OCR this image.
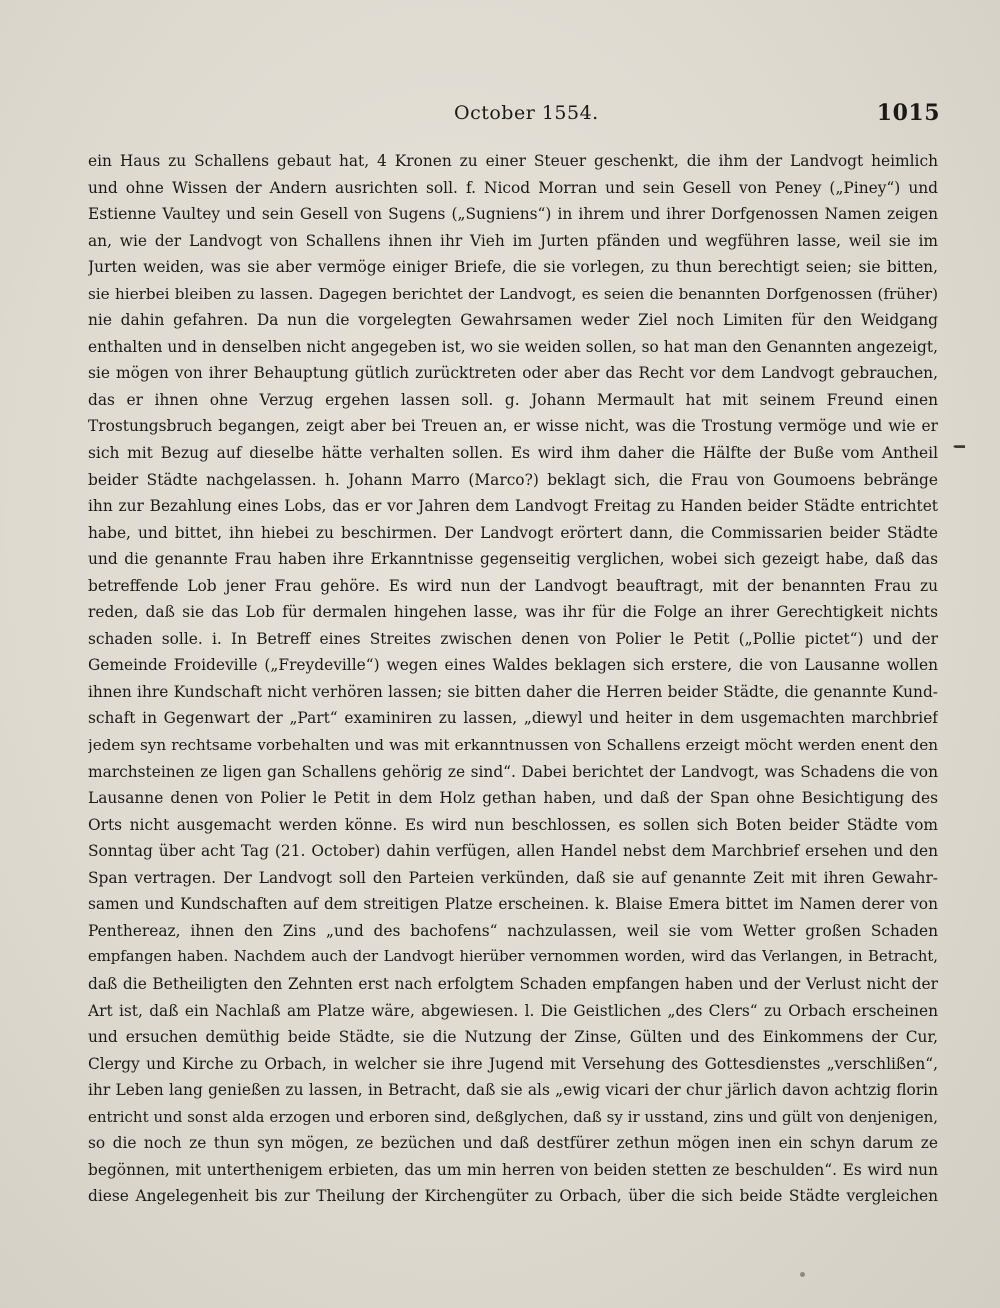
October 1554.	1015
ein Haus zu Schallens gebaut hat, 4 Kronen zu einer Steuer geschenkt, die ihm der Landvogt heimlich
und ohne Wissen der Andern ausrichten soll. f. Nicod Morran und sein Gesell von Peney („Piney“) und
Estienne Vaultey und sein Gesell von Sugens („Sugniens“) in ihrem und ihrer Dorfgenossen Namen zeigen
an, wie der Landvogt von Schallens ihnen ihr Vieh im Jurten pfänden und wegführen lasse, weil sie im
Jurten weiden, was sie aber vermöge einiger Briefe, die sie vorlegen, zu thun berechtigt seien; sie bitten,
sie hierbei bleiben zu lassen. Dagegen berichtet der Landvogt, es seien die benannten Dorfgenossen (früher)
nie dahin gefahren. Da nun die vorgelegten Gewahrsamen weder Ziel noch Limiten für den Weidgang
enthalten und in denselben nicht angegeben ist, wo sie weiden sollen, so hat man den Genannten angezeigt,
sie mögen von ihrer Behauptung gütlich zurücktreten oder aber das Recht vor dem Landvogt gebrauchen,
das er ihnen ohne Verzug ergehen lassen soll. g. Johann Mermault hat mit seinem Freund einen
Trostungsbruch begangen, zeigt aber bei Treuen an, er wisse nicht, was die Trostung vermöge und wie er
sich mit Bezug auf dieselbe hätte verhalten sollen. Es wird ihm daher die Hälfte der Buße vom Antheil
beider Städte nachgelassen. h. Johann Marro (Marco?) beklagt sich, die Frau von Goumoens bebränge
ihn zur Bezahlung eines Lobs, das er vor Jahren dem Landvogt Freitag zu Handen beider Städte entrichtet
habe, und bittet, ihn hiebei zu beschirmen. Der Landvogt erörtert dann, die Commissarien beider Städte
und die genannte Frau haben ihre Erkanntnisse gegenseitig verglichen, wobei sich gezeigt habe, daß das
betreffende Lob jener Frau gehöre. Es wird nun der Landvogt beauftragt, mit der benannten Frau zu
reden, daß sie das Lob für dermalen hingehen lasse, was ihr für die Folge an ihrer Gerechtigkeit nichts
schaden solle. i. In Betreff eines Streites zwischen denen von Polier le Petit („Pollie pictet“) und der
Gemeinde Froideville („Freydeville“) wegen eines Waldes beklagen sich erstere, die von Lausanne wollen
ihnen ihre Kundschaft nicht verhören lassen; sie bitten daher die Herren beider Städte, die genannte Kund-
schaft in Gegenwart der „Part“ examiniren zu lassen, „diewyl und heiter in dem usgemachten marchbrief
jedem syn rechtsame vorbehalten und was mit erkanntnussen von Schallens erzeigt möcht werden enent den
marchsteinen ze ligen gan Schallens gehörig ze sind“. Dabei berichtet der Landvogt, was Schadens die von
Lausanne denen von Polier le Petit in dem Holz gethan haben, und daß der Span ohne Besichtigung des
Orts nicht ausgemacht werden könne. Es wird nun beschlossen, es sollen sich Boten beider Städte vom
Sonntag über acht Tag (21. October) dahin verfügen, allen Handel nebst dem Marchbrief ersehen und den
Span vertragen. Der Landvogt soll den Parteien verkünden, daß sie auf genannte Zeit mit ihren Gewahr-
samen und Kundschaften auf dem streitigen Platze erscheinen. k. Blaise Emera bittet im Namen derer von
Penthereaz, ihnen den Zins „und des bachofens“ nachzulassen, weil sie vom Wetter großen Schaden
empfangen haben. Nachdem auch der Landvogt hierüber vernommen worden, wird das Verlangen, in Betracht,
daß die Betheiligten den Zehnten erst nach erfolgtem Schaden empfangen haben und der Verlust nicht der
Art ist, daß ein Nachlaß am Platze wäre, abgewiesen. l. Die Geistlichen „des Clers“ zu Orbach erscheinen
und ersuchen demüthig beide Städte, sie die Nutzung der Zinse, Gülten und des Einkommens der Cur,
Clergy und Kirche zu Orbach, in welcher sie ihre Jugend mit Versehung des Gottesdienstes „verschlißen“,
ihr Leben lang genießen zu lassen, in Betracht, daß sie als „ewig vicari der chur järlich davon achtzig florin
entricht und sonst alda erzogen und erboren sind, deßglychen, daß sy ir usstand, zins und gült von denjenigen,
so die noch ze thun syn mögen, ze bezüchen und daß destfürer zethun mögen inen ein schyn darum ze
begönnen, mit unterthenigem erbieten, das um min herren von beiden stetten ze beschulden“. Es wird nun
diese Angelegenheit bis zur Theilung der Kirchengüter zu Orbach, über die sich beide Städte vergleichen
·━
